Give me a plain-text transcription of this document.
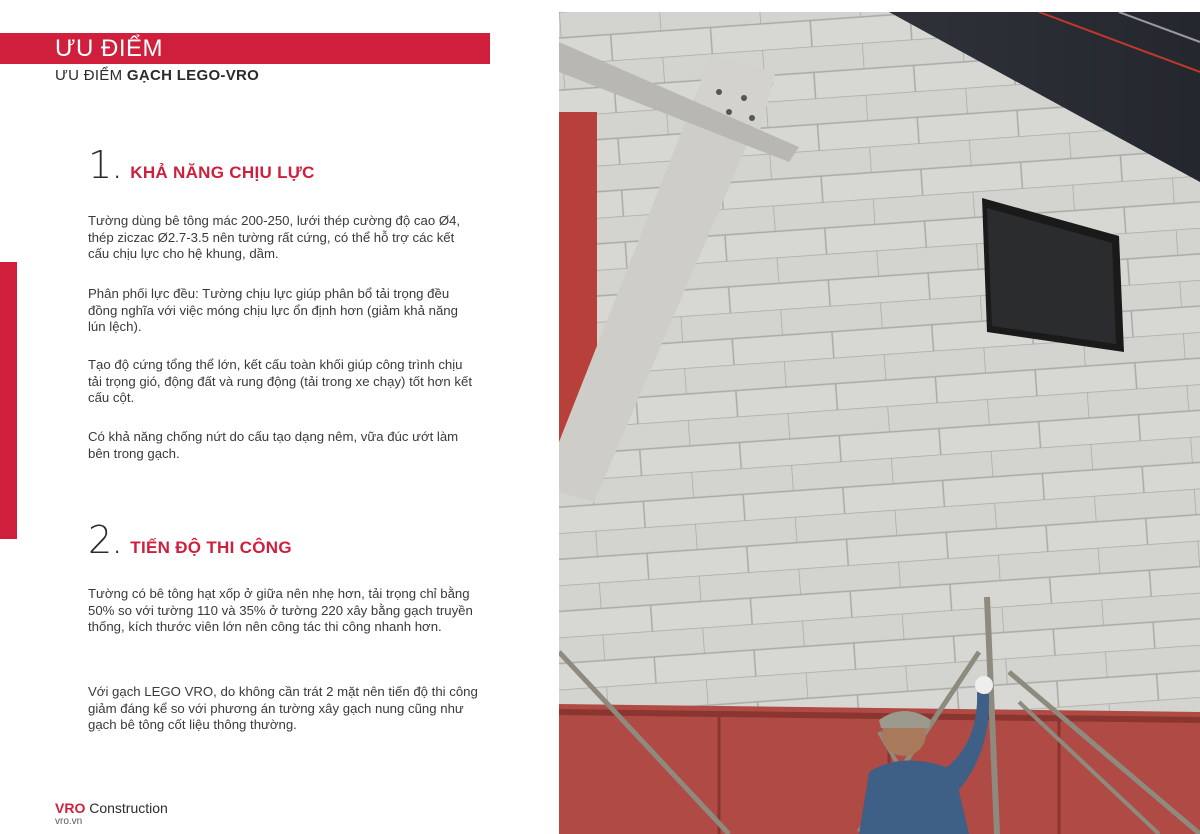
ƯU ĐIỂM
ƯU ĐIỂM GẠCH LEGO-VRO
1. KHẢ NĂNG CHỊU LỰC

Tường dùng bê tông mác 200-250, lưới thép cường độ cao Ø4, thép ziczac Ø2.7-3.5 nên tường rất cứng, có thể hỗ trợ các kết cấu chịu lực cho hệ khung, dầm.

Phân phối lực đều: Tường chịu lực giúp phân bổ tải trọng đều đồng nghĩa với việc móng chịu lực ổn định hơn (giảm khả năng lún lệch).

Tạo độ cứng tổng thể lớn, kết cấu toàn khối giúp công trình chịu tải trọng gió, động đất và rung động (tải trong xe chạy) tốt hơn kết cấu cột.

Có khả năng chống nứt do cấu tạo dạng nêm, vữa đúc ướt làm bên trong gạch.

2. TIẾN ĐỘ THI CÔNG

Tường có bê tông hạt xốp ở giữa nên nhẹ hơn, tải trọng chỉ bằng 50% so với tường 110 và 35% ở tường 220 xây bằng gạch truyền thống, kích thước viên lớn nên công tác thi công nhanh hơn.

Với gạch LEGO VRO, do không cần trát 2 mặt nên tiến độ thi công giảm đáng kể so với phương án tường xây gạch nung cũng như gạch bê tông cốt liệu thông thường.

VRO Construction
vro.vn
